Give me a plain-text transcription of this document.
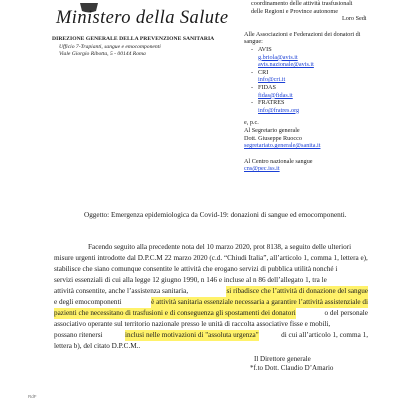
Ministero della Salute
DIREZIONE GENERALE DELLA PREVENZIONE SANITARIA
Ufficio 7-Trapianti, sangue e emocomponenti
Viale Giorgio Ribotta, 5 - 00144 Roma
coordinamento delle attività trasfusionali
delle Regioni e Province autonome
Loro Sedi
Alle Associazioni e Federazioni dei donatori di
sangue:
- AVIS
g.briola@avis.it
avis.nazionale@avis.it
- CRI
info@cri.it
- FIDAS
fidas@fidas.it
- FRATRES
info@fratres.org
e, p.c.
Al Segretario generale
Dott. Giuseppe Ruocco
segretariato.generale@sanita.it
Al Centro nazionale sangue
cns@pec.iss.it
Oggetto: Emergenza epidemiologica da Covid-19: donazioni di sangue ed emocomponenti.
Facendo seguito alla precedente nota del 10 marzo 2020, prot 8138, a seguito delle ulteriori
misure urgenti introdotte dal D.P.C.M 22 marzo 2020 (c.d. “Chiudi Italia”, all’articolo 1, comma 1, lettera e),
stabilisce che siano comunque consentite le attività che erogano servizi di pubblica utilità nonché i
servizi essenziali di cui alla legge 12 giugno 1990, n 146 e incluse al n 86 dell’allegato 1, tra le
attività consentite, anche l’assistenza sanitaria,	si ribadisce che l’attività di donazione del sangue
e degli emocomponenti	è attività sanitaria essenziale necessaria a garantire l’attività assistenziale di
pazienti che necessitano di trasfusioni e di conseguenza gli spostamenti dei donatori	o del personale
associativo operante sul territorio nazionale presso le unità di raccolta associative fisse e mobili,
possano ritenersi	inclusi nelle motivazioni di "assoluta urgenza"	di cui all’articolo 1, comma 1,
lettera b), del citato D.P.C.M..
Il Direttore generale
*f.to Dott. Claudio D’Amario
RdF
